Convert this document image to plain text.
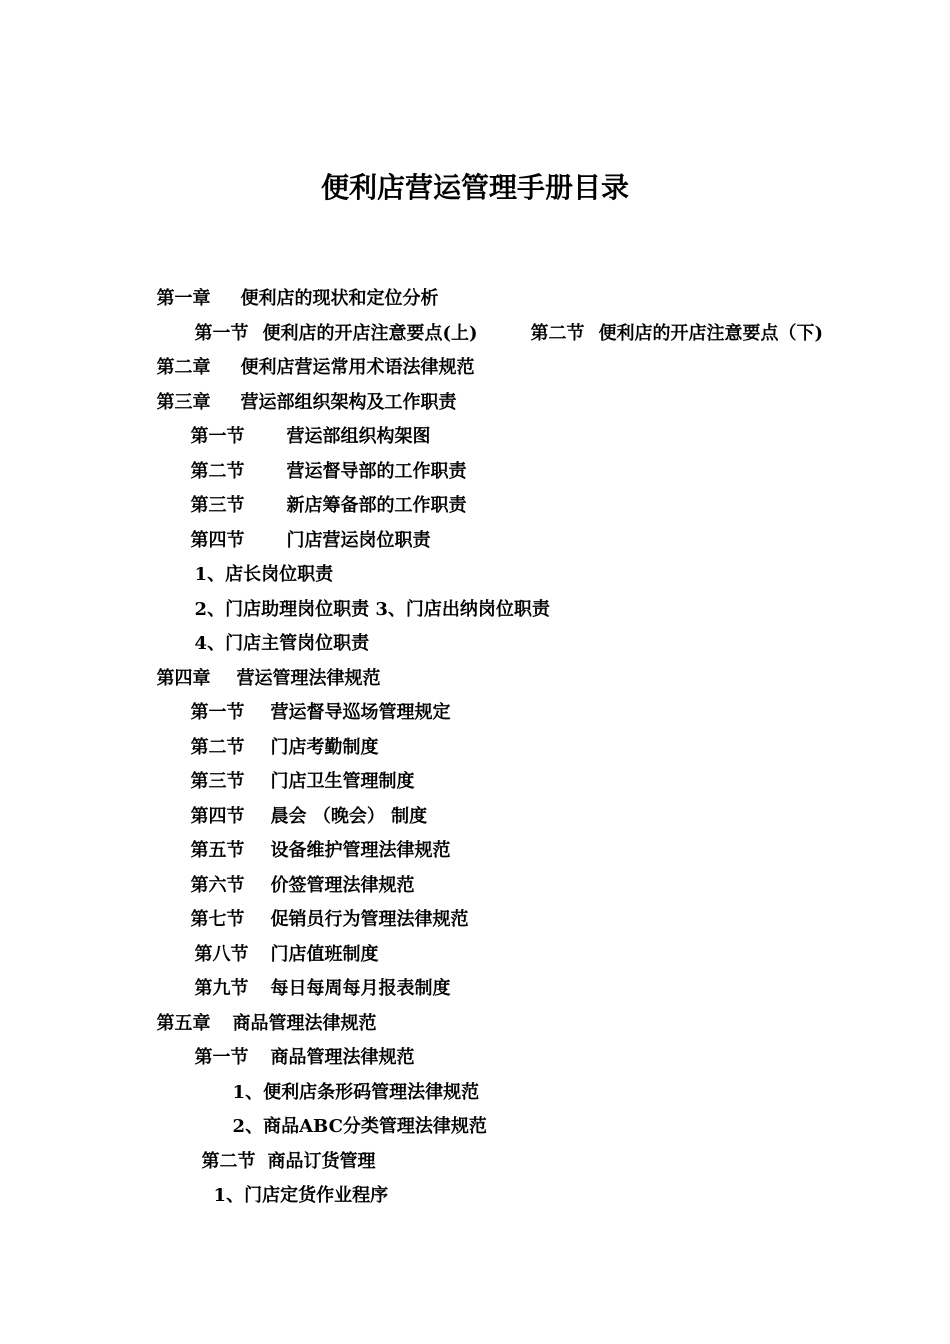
便利店营运管理手册目录

第一章 便利店的现状和定位分析

第一节 便利店的开店注意要点(上)	第二节 便利店的开店注意要点（下)

第二章 便利店营运常用术语法律规范

第三章 营运部组织架构及工作职责

第一节 营运部组织构架图

第二节 营运督导部的工作职责

第三节 新店筹备部的工作职责

第四节 门店营运岗位职责

1、店长岗位职责

2、门店助理岗位职责 3、门店出纳岗位职责

4、门店主管岗位职责

第四章 营运管理法律规范

第一节 营运督导巡场管理规定

第二节 门店考勤制度

第三节 门店卫生管理制度

第四节 晨会 （晚会） 制度

第五节 设备维护管理法律规范

第六节 价签管理法律规范

第七节 促销员行为管理法律规范

第八节 门店值班制度

第九节 每日每周每月报表制度

第五章 商品管理法律规范

第一节 商品管理法律规范

1、便利店条形码管理法律规范

2、商品ABC分类管理法律规范

第二节 商品订货管理

1、门店定货作业程序
